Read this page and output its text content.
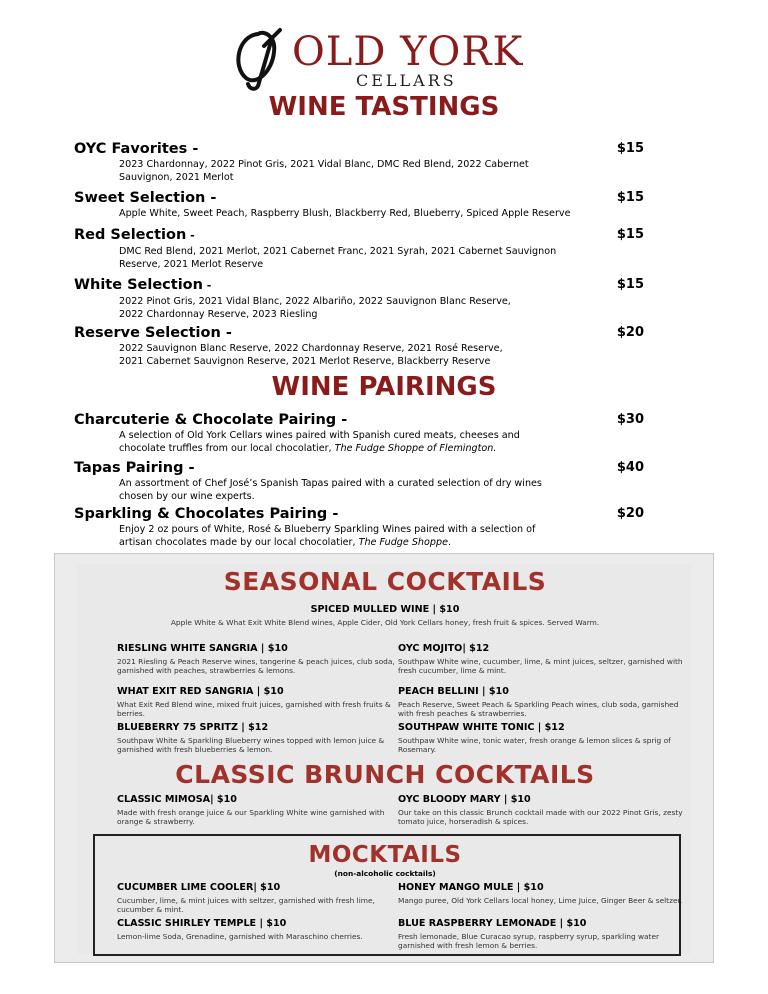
OLD YORK
CELLARS
WINE TASTINGS
OYC Favorites -	$15
2023 Chardonnay, 2022 Pinot Gris, 2021 Vidal Blanc, DMC Red Blend, 2022 Cabernet Sauvignon, 2021 Merlot
Sweet Selection -	$15
Apple White, Sweet Peach, Raspberry Blush, Blackberry Red, Blueberry, Spiced Apple Reserve
Red Selection -	$15
DMC Red Blend, 2021 Merlot, 2021 Cabernet Franc, 2021 Syrah, 2021 Cabernet Sauvignon Reserve, 2021 Merlot Reserve
White Selection -	$15
2022 Pinot Gris, 2021 Vidal Blanc, 2022 Albariño, 2022 Sauvignon Blanc Reserve, 2022 Chardonnay Reserve, 2023 Riesling
Reserve Selection -	$20
2022 Sauvignon Blanc Reserve, 2022 Chardonnay Reserve, 2021 Rosé Reserve, 2021 Cabernet Sauvignon Reserve, 2021 Merlot Reserve, Blackberry Reserve
WINE PAIRINGS
Charcuterie & Chocolate Pairing -	$30
A selection of Old York Cellars wines paired with Spanish cured meats, cheeses and chocolate truffles from our local chocolatier, The Fudge Shoppe of Flemington.
Tapas Pairing -	$40
An assortment of Chef José’s Spanish Tapas paired with a curated selection of dry wines chosen by our wine experts.
Sparkling & Chocolates Pairing -	$20
Enjoy 2 oz pours of White, Rosé & Blueberry Sparkling Wines paired with a selection of artisan chocolates made by our local chocolatier, The Fudge Shoppe.
SEASONAL COCKTAILS
SPICED MULLED WINE | $10
Apple White & What Exit White Blend wines, Apple Cider, Old York Cellars honey, fresh fruit & spices. Served Warm.
RIESLING WHITE SANGRIA | $10
2021 Riesling & Peach Reserve wines, tangerine & peach juices, club soda, garnished with peaches, strawberries & lemons.
WHAT EXIT RED SANGRIA | $10
What Exit Red Blend wine, mixed fruit juices, garnished with fresh fruits & berries.
BLUEBERRY 75 SPRITZ | $12
Southpaw White & Sparkling Blueberry wines topped with lemon juice & garnished with fresh blueberries & lemon.
OYC MOJITO| $12
Southpaw White wine, cucumber, lime, & mint juices, seltzer, garnished with fresh cucumber, lime & mint.
PEACH BELLINI | $10
Peach Reserve, Sweet Peach & Sparkling Peach wines, club soda, garnished with fresh peaches & strawberries.
SOUTHPAW WHITE TONIC | $12
Southpaw White wine, tonic water, fresh orange & lemon slices & sprig of Rosemary.
CLASSIC BRUNCH COCKTAILS
CLASSIC MIMOSA| $10
Made with fresh orange juice & our Sparkling White wine garnished with orange & strawberry.
OYC BLOODY MARY | $10
Our take on this classic Brunch cocktail made with our 2022 Pinot Gris, zesty tomato juice, horseradish & spices.
MOCKTAILS
(non-alcoholic cocktails)
CUCUMBER LIME COOLER| $10
Cucumber, lime, & mint juices with seltzer, garnished with fresh lime, cucumber & mint.
CLASSIC SHIRLEY TEMPLE | $10
Lemon-lime Soda, Grenadine, garnished with Maraschino cherries.
HONEY MANGO MULE | $10
Mango puree, Old York Cellars local honey, Lime Juice, Ginger Beer & seltzer.
BLUE RASPBERRY LEMONADE | $10
Fresh lemonade, Blue Curacao syrup, raspberry syrup, sparkling water garnished with fresh lemon & berries.
